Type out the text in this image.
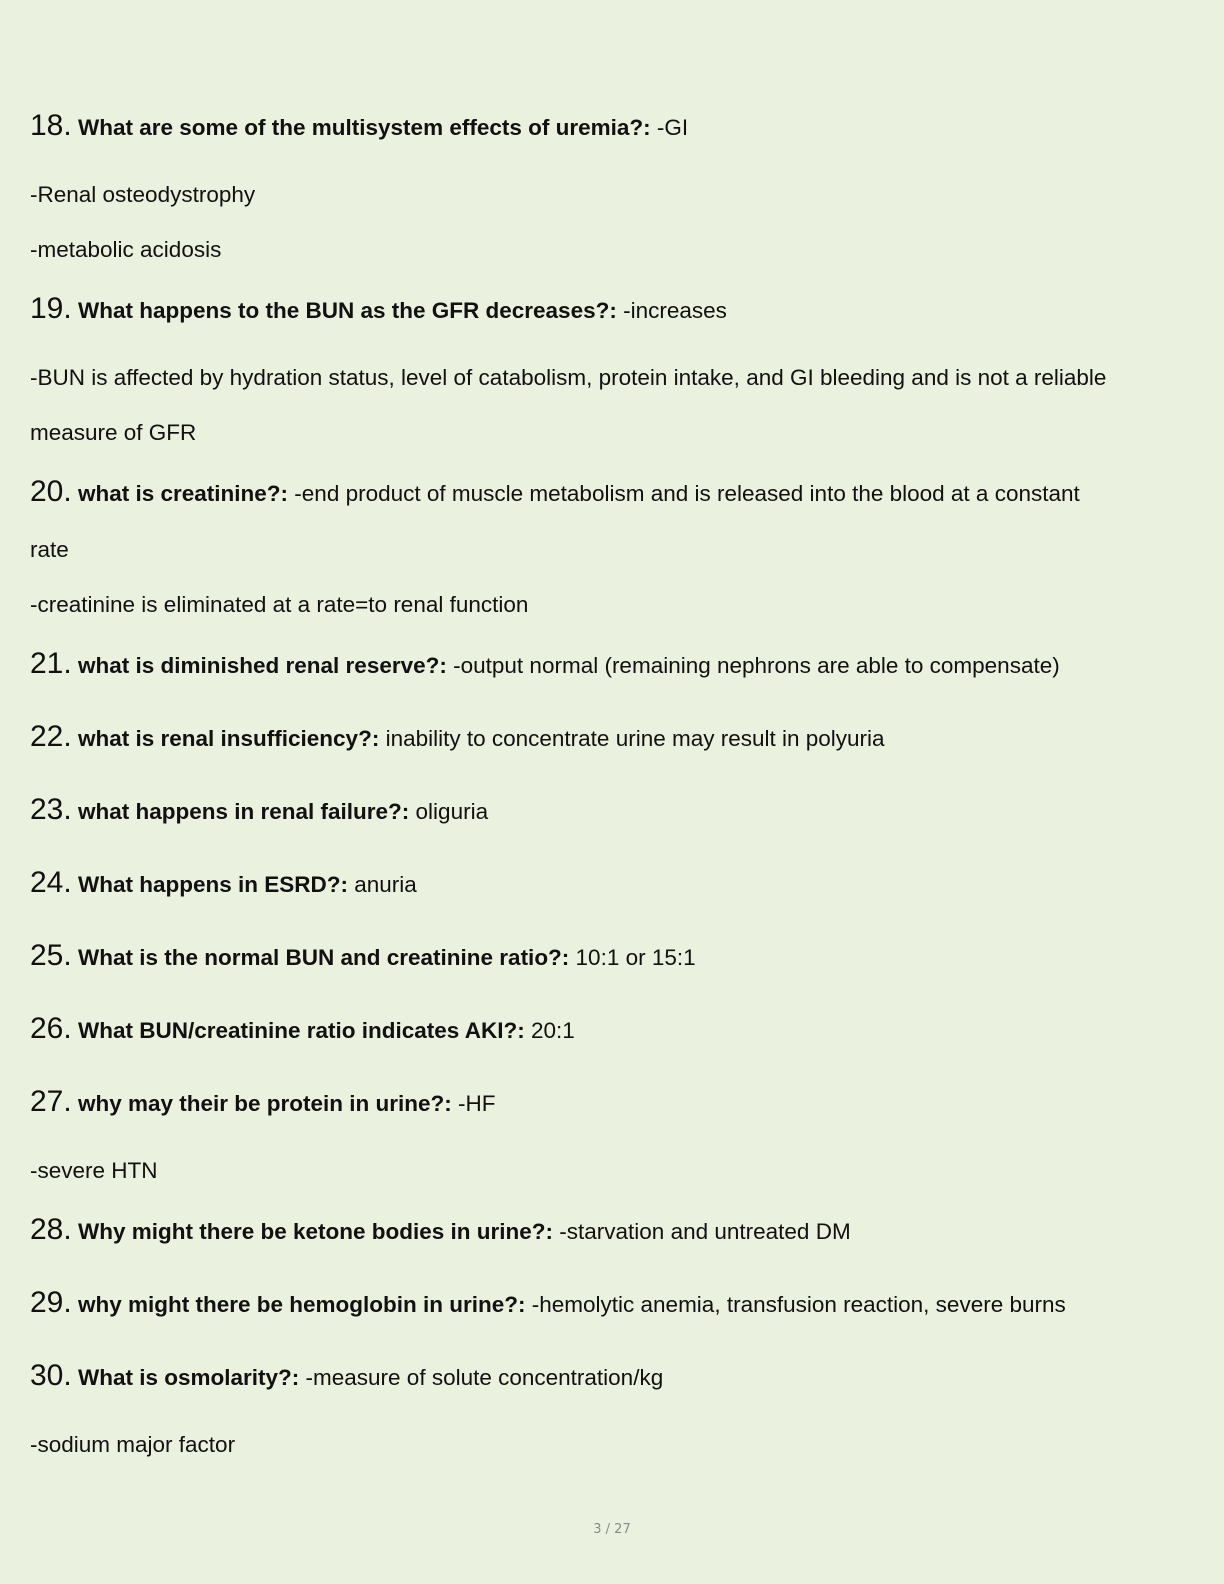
18. What are some of the multisystem effects of uremia?: -GI
-Renal osteodystrophy
-metabolic acidosis
19. What happens to the BUN as the GFR decreases?: -increases
-BUN is affected by hydration status, level of catabolism, protein intake, and GI bleeding and is not a reliable
measure of GFR
20. what is creatinine?: -end product of muscle metabolism and is released into the blood at a constant
rate
-creatinine is eliminated at a rate=to renal function
21. what is diminished renal reserve?: -output normal (remaining nephrons are able to compensate)
22. what is renal insufficiency?: inability to concentrate urine may result in polyuria
23. what happens in renal failure?: oliguria
24. What happens in ESRD?: anuria
25. What is the normal BUN and creatinine ratio?: 10:1 or 15:1
26. What BUN/creatinine ratio indicates AKI?: 20:1
27. why may their be protein in urine?: -HF
-severe HTN
28. Why might there be ketone bodies in urine?: -starvation and untreated DM
29. why might there be hemoglobin in urine?: -hemolytic anemia, transfusion reaction, severe burns
30. What is osmolarity?: -measure of solute concentration/kg
-sodium major factor
3 / 27
